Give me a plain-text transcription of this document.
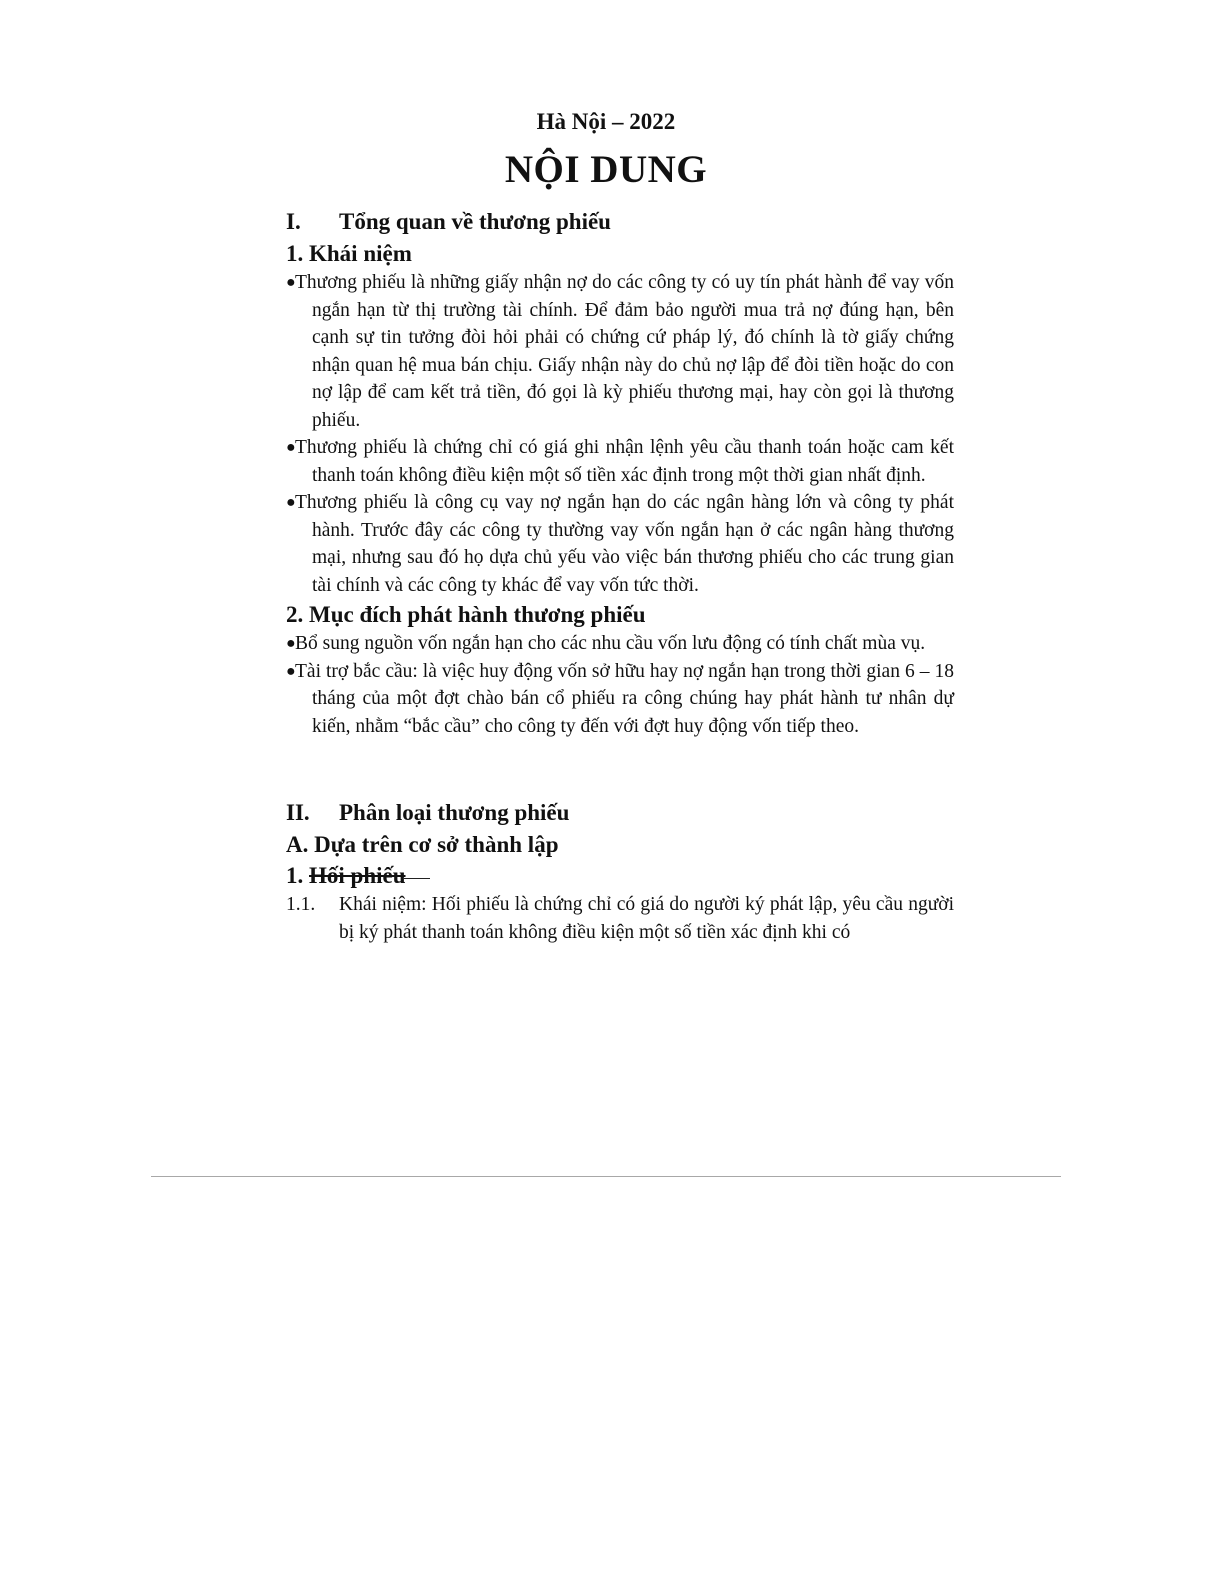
Hà Nội – 2022
NỘI DUNG
I.	Tổng quan về thương phiếu
1. Khái niệm
●Thương phiếu là những giấy nhận nợ do các công ty có uy tín phát hành để vay vốn ngắn hạn từ thị trường tài chính. Để đảm bảo người mua trả nợ đúng hạn, bên cạnh sự tin tưởng đòi hỏi phải có chứng cứ pháp lý, đó chính là tờ giấy chứng nhận quan hệ mua bán chịu. Giấy nhận này do chủ nợ lập để đòi tiền hoặc do con nợ lập để cam kết trả tiền, đó gọi là kỳ phiếu thương mại, hay còn gọi là thương phiếu.
●Thương phiếu là chứng chỉ có giá ghi nhận lệnh yêu cầu thanh toán hoặc cam kết thanh toán không điều kiện một số tiền xác định trong một thời gian nhất định.
●Thương phiếu là công cụ vay nợ ngắn hạn do các ngân hàng lớn và công ty phát hành. Trước đây các công ty thường vay vốn ngắn hạn ở các ngân hàng thương mại, nhưng sau đó họ dựa chủ yếu vào việc bán thương phiếu cho các trung gian tài chính và các công ty khác để vay vốn tức thời.
2. Mục đích phát hành thương phiếu
●Bổ sung nguồn vốn ngắn hạn cho các nhu cầu vốn lưu động có tính chất mùa vụ.
●Tài trợ bắc cầu: là việc huy động vốn sở hữu hay nợ ngắn hạn trong thời gian 6 – 18 tháng của một đợt chào bán cổ phiếu ra công chúng hay phát hành tư nhân dự kiến, nhằm “bắc cầu” cho công ty đến với đợt huy động vốn tiếp theo.
II.	Phân loại thương phiếu
A. Dựa trên cơ sở thành lập
1. Hối phiếu

1.1.	Khái niệm: Hối phiếu là chứng chỉ có giá do người ký phát lập, yêu cầu người bị ký phát thanh toán không điều kiện một số tiền xác định khi có
